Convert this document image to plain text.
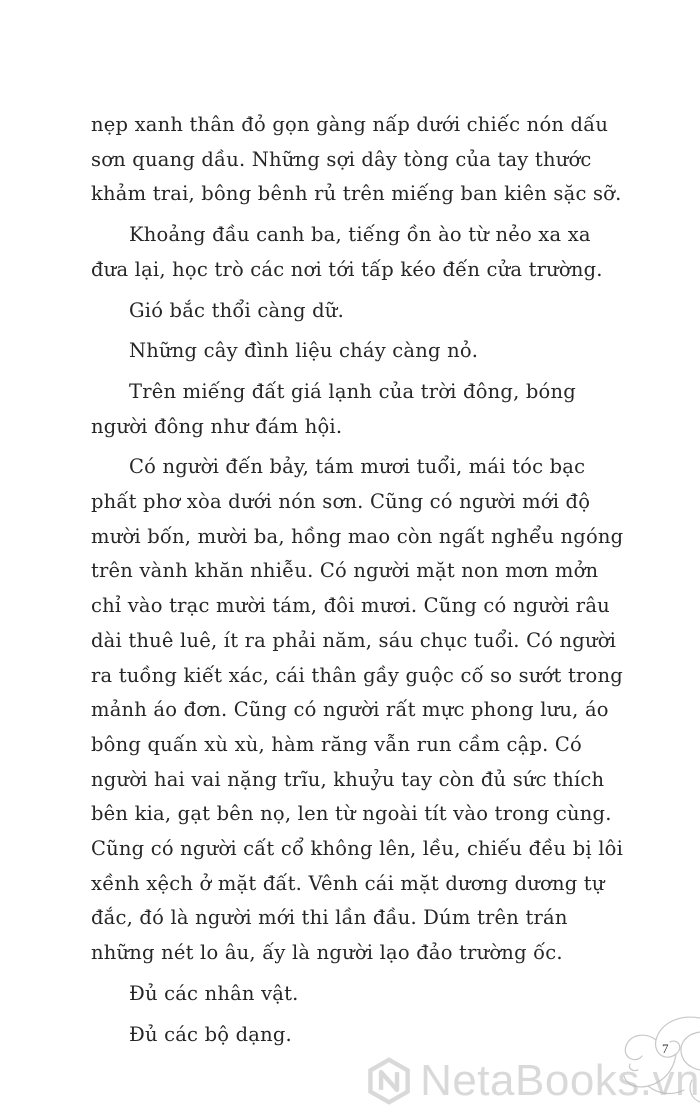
nẹp xanh thân đỏ gọn gàng nấp dưới chiếc nón dấu sơn quang dầu. Những sợi dây tòng của tay thước khảm trai, bông bênh rủ trên miếng ban kiên sặc sỡ.

Khoảng đầu canh ba, tiếng ồn ào từ nẻo xa xa đưa lại, học trò các nơi tới tấp kéo đến cửa trường.

Gió bắc thổi càng dữ.

Những cây đình liệu cháy càng nỏ.

Trên miếng đất giá lạnh của trời đông, bóng người đông như đám hội.

Có người đến bảy, tám mươi tuổi, mái tóc bạc phất phơ xòa dưới nón sơn. Cũng có người mới độ mười bốn, mười ba, hồng mao còn ngất nghểu ngóng trên vành khăn nhiễu. Có người mặt non mơn mởn chỉ vào trạc mười tám, đôi mươi. Cũng có người râu dài thuê luê, ít ra phải năm, sáu chục tuổi. Có người ra tuồng kiết xác, cái thân gầy guộc cố so sướt trong mảnh áo đơn. Cũng có người rất mực phong lưu, áo bông quấn xù xù, hàm răng vẫn run cầm cập. Có người hai vai nặng trĩu, khuỷu tay còn đủ sức thích bên kia, gạt bên nọ, len từ ngoài tít vào trong cùng. Cũng có người cất cổ không lên, lều, chiếu đều bị lôi xềnh xệch ở mặt đất. Vênh cái mặt dương dương tự đắc, đó là người mới thi lần đầu. Dúm trên trán những nét lo âu, ấy là người lạo đảo trường ốc.

Đủ các nhân vật.

Đủ các bộ dạng.

7
NetaBooks.vn
